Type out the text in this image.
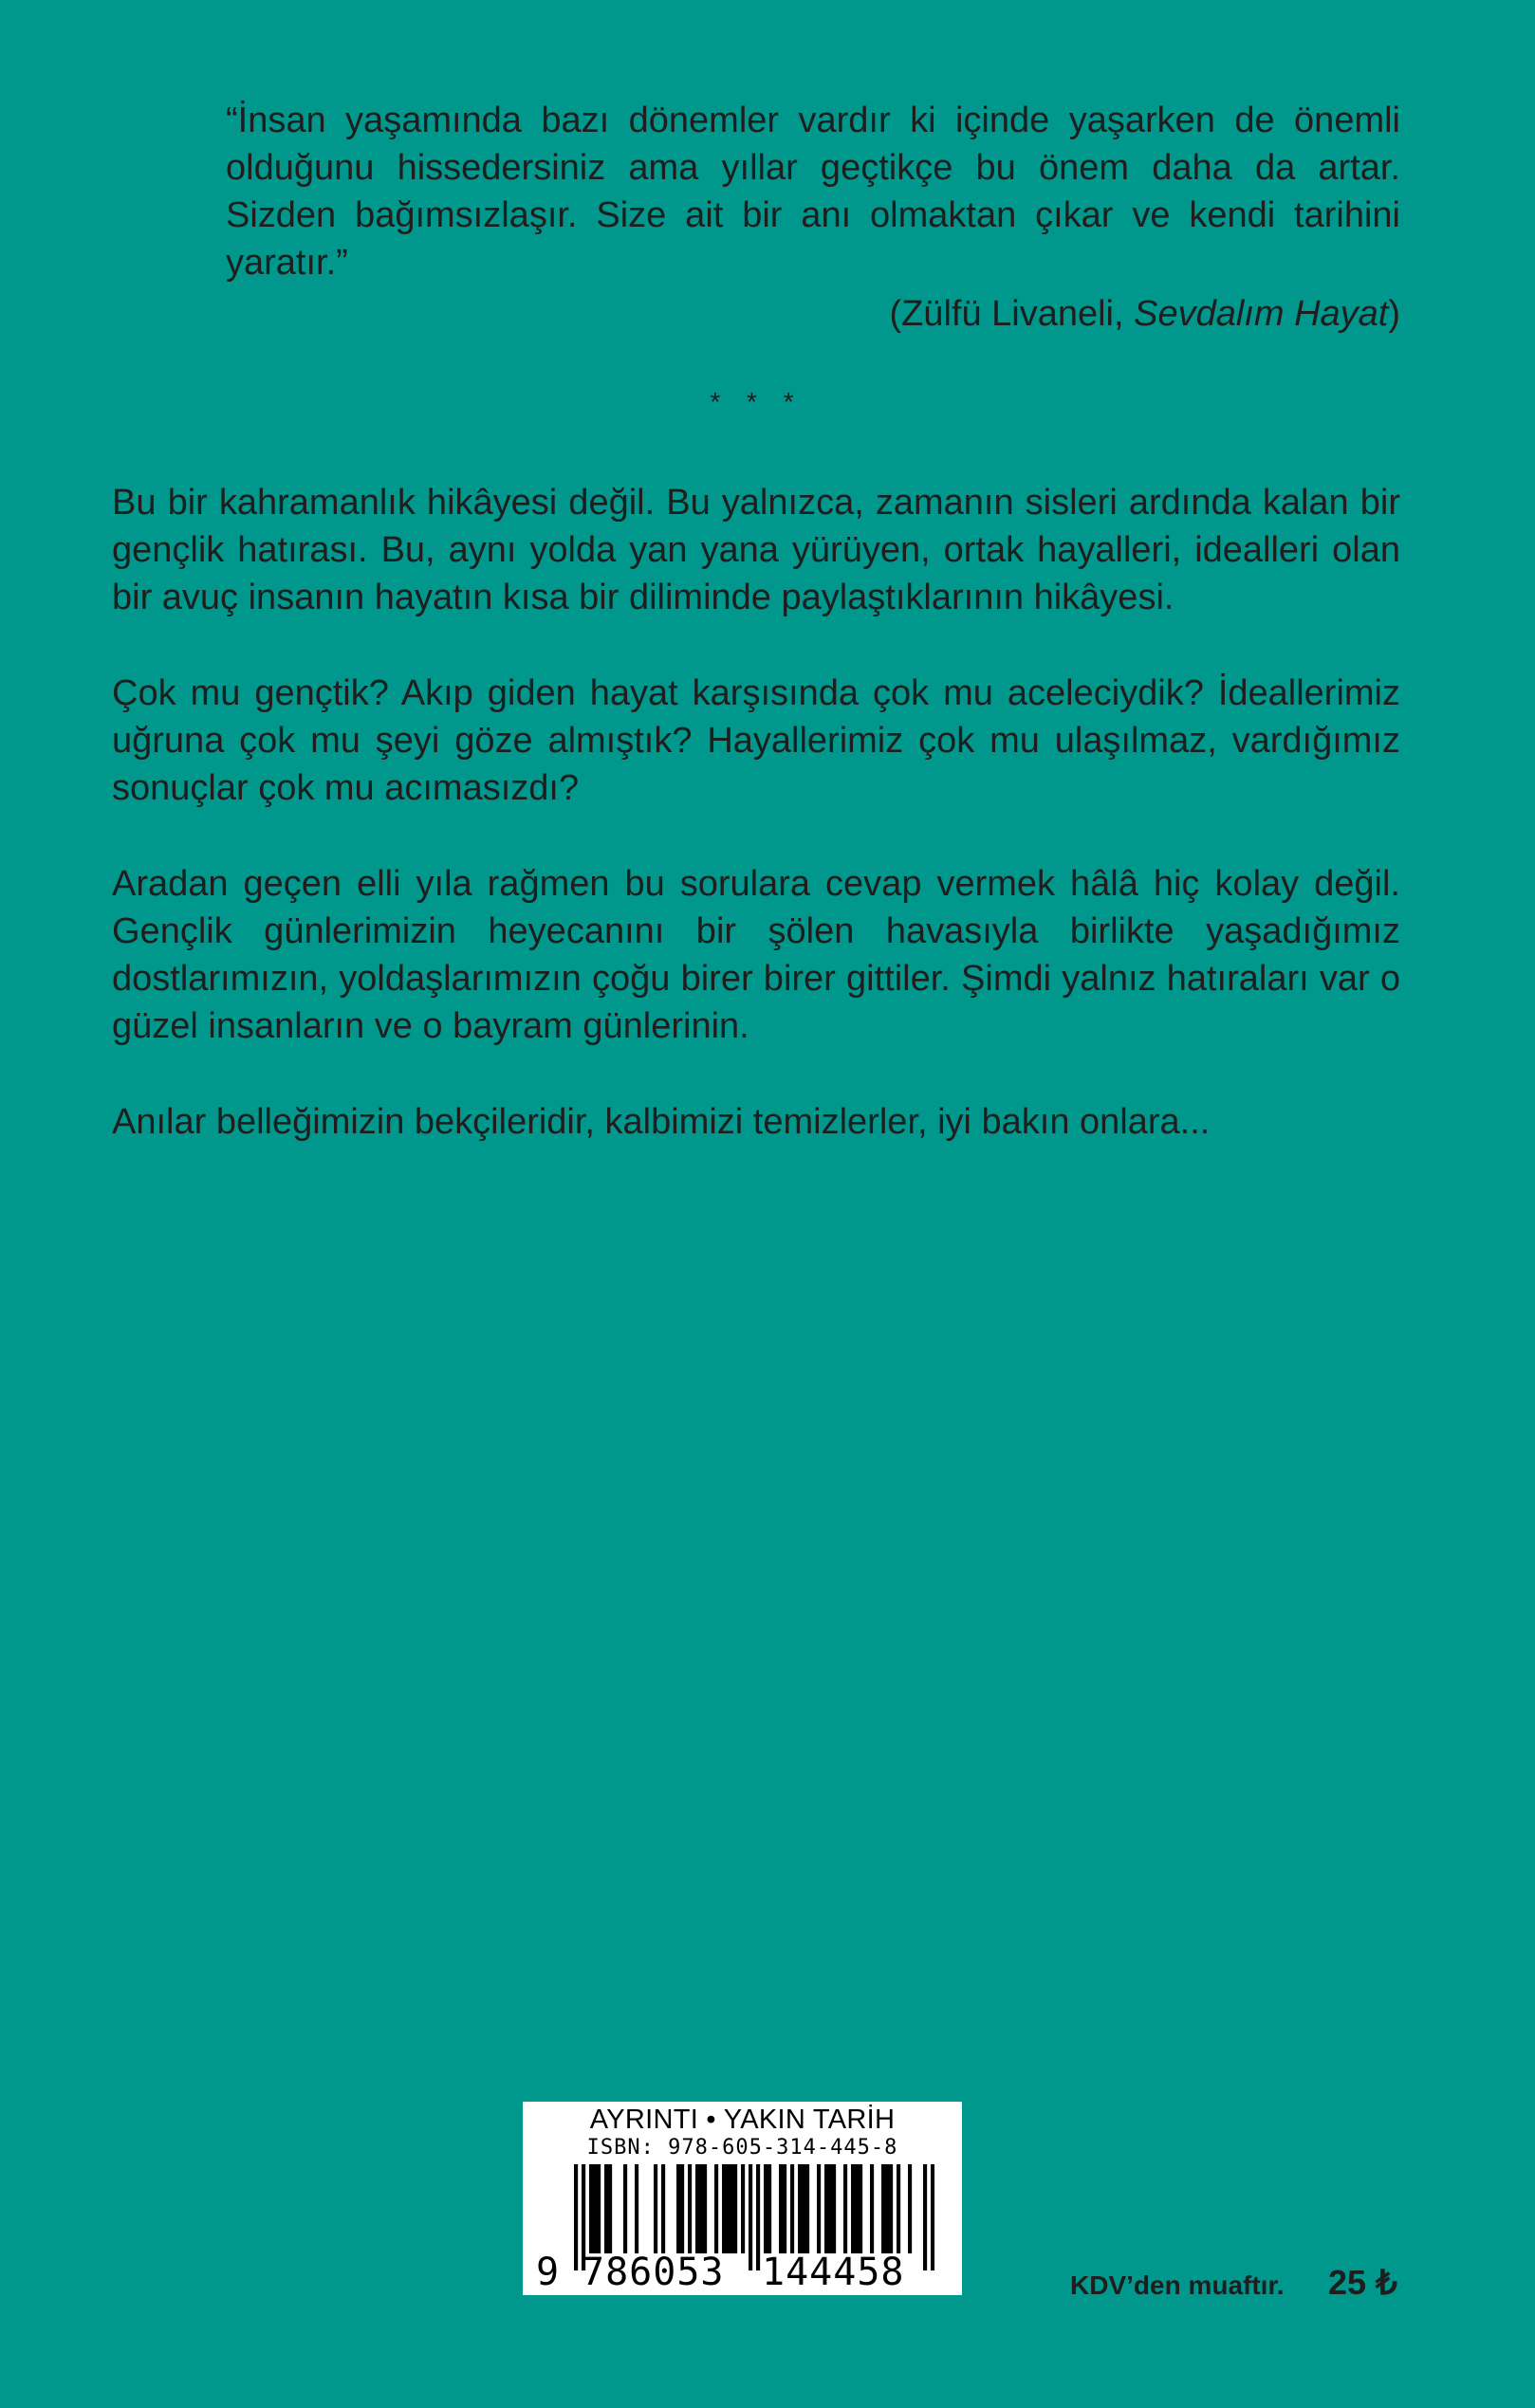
“İnsan yaşamında bazı dönemler vardır ki içinde yaşarken de önemli olduğunu hissedersiniz ama yıllar geçtikçe bu önem daha da artar. Sizden bağımsızlaşır. Size ait bir anı olmaktan çıkar ve kendi tarihini yaratır.”

(Zülfü Livaneli, Sevdalım Hayat)
* * *

Bu bir kahramanlık hikâyesi değil. Bu yalnızca, zamanın sisleri ardında kalan bir gençlik hatırası. Bu, aynı yolda yan yana yürüyen, ortak hayalleri, idealleri olan bir avuç insanın hayatın kısa bir diliminde paylaştıklarının hikâyesi.

Çok mu gençtik? Akıp giden hayat karşısında çok mu aceleciydik? İdeallerimiz uğruna çok mu şeyi göze almıştık? Hayallerimiz çok mu ulaşılmaz, vardığımız sonuçlar çok mu acımasızdı?

Aradan geçen elli yıla rağmen bu sorulara cevap vermek hâlâ hiç kolay değil. Gençlik günlerimizin heyecanını bir şölen havasıyla birlikte yaşadığımız dostlarımızın, yoldaşlarımızın çoğu birer birer gittiler. Şimdi yalnız hatıraları var o güzel insanların ve o bayram günlerinin.

Anılar belleğimizin bekçileridir, kalbimizi temizlerler, iyi bakın onlara...

AYRINTI • YAKIN TARİH
ISBN: 978-605-314-445-8
9 786053 144458	KDV’den muaftır. 25 ₺
